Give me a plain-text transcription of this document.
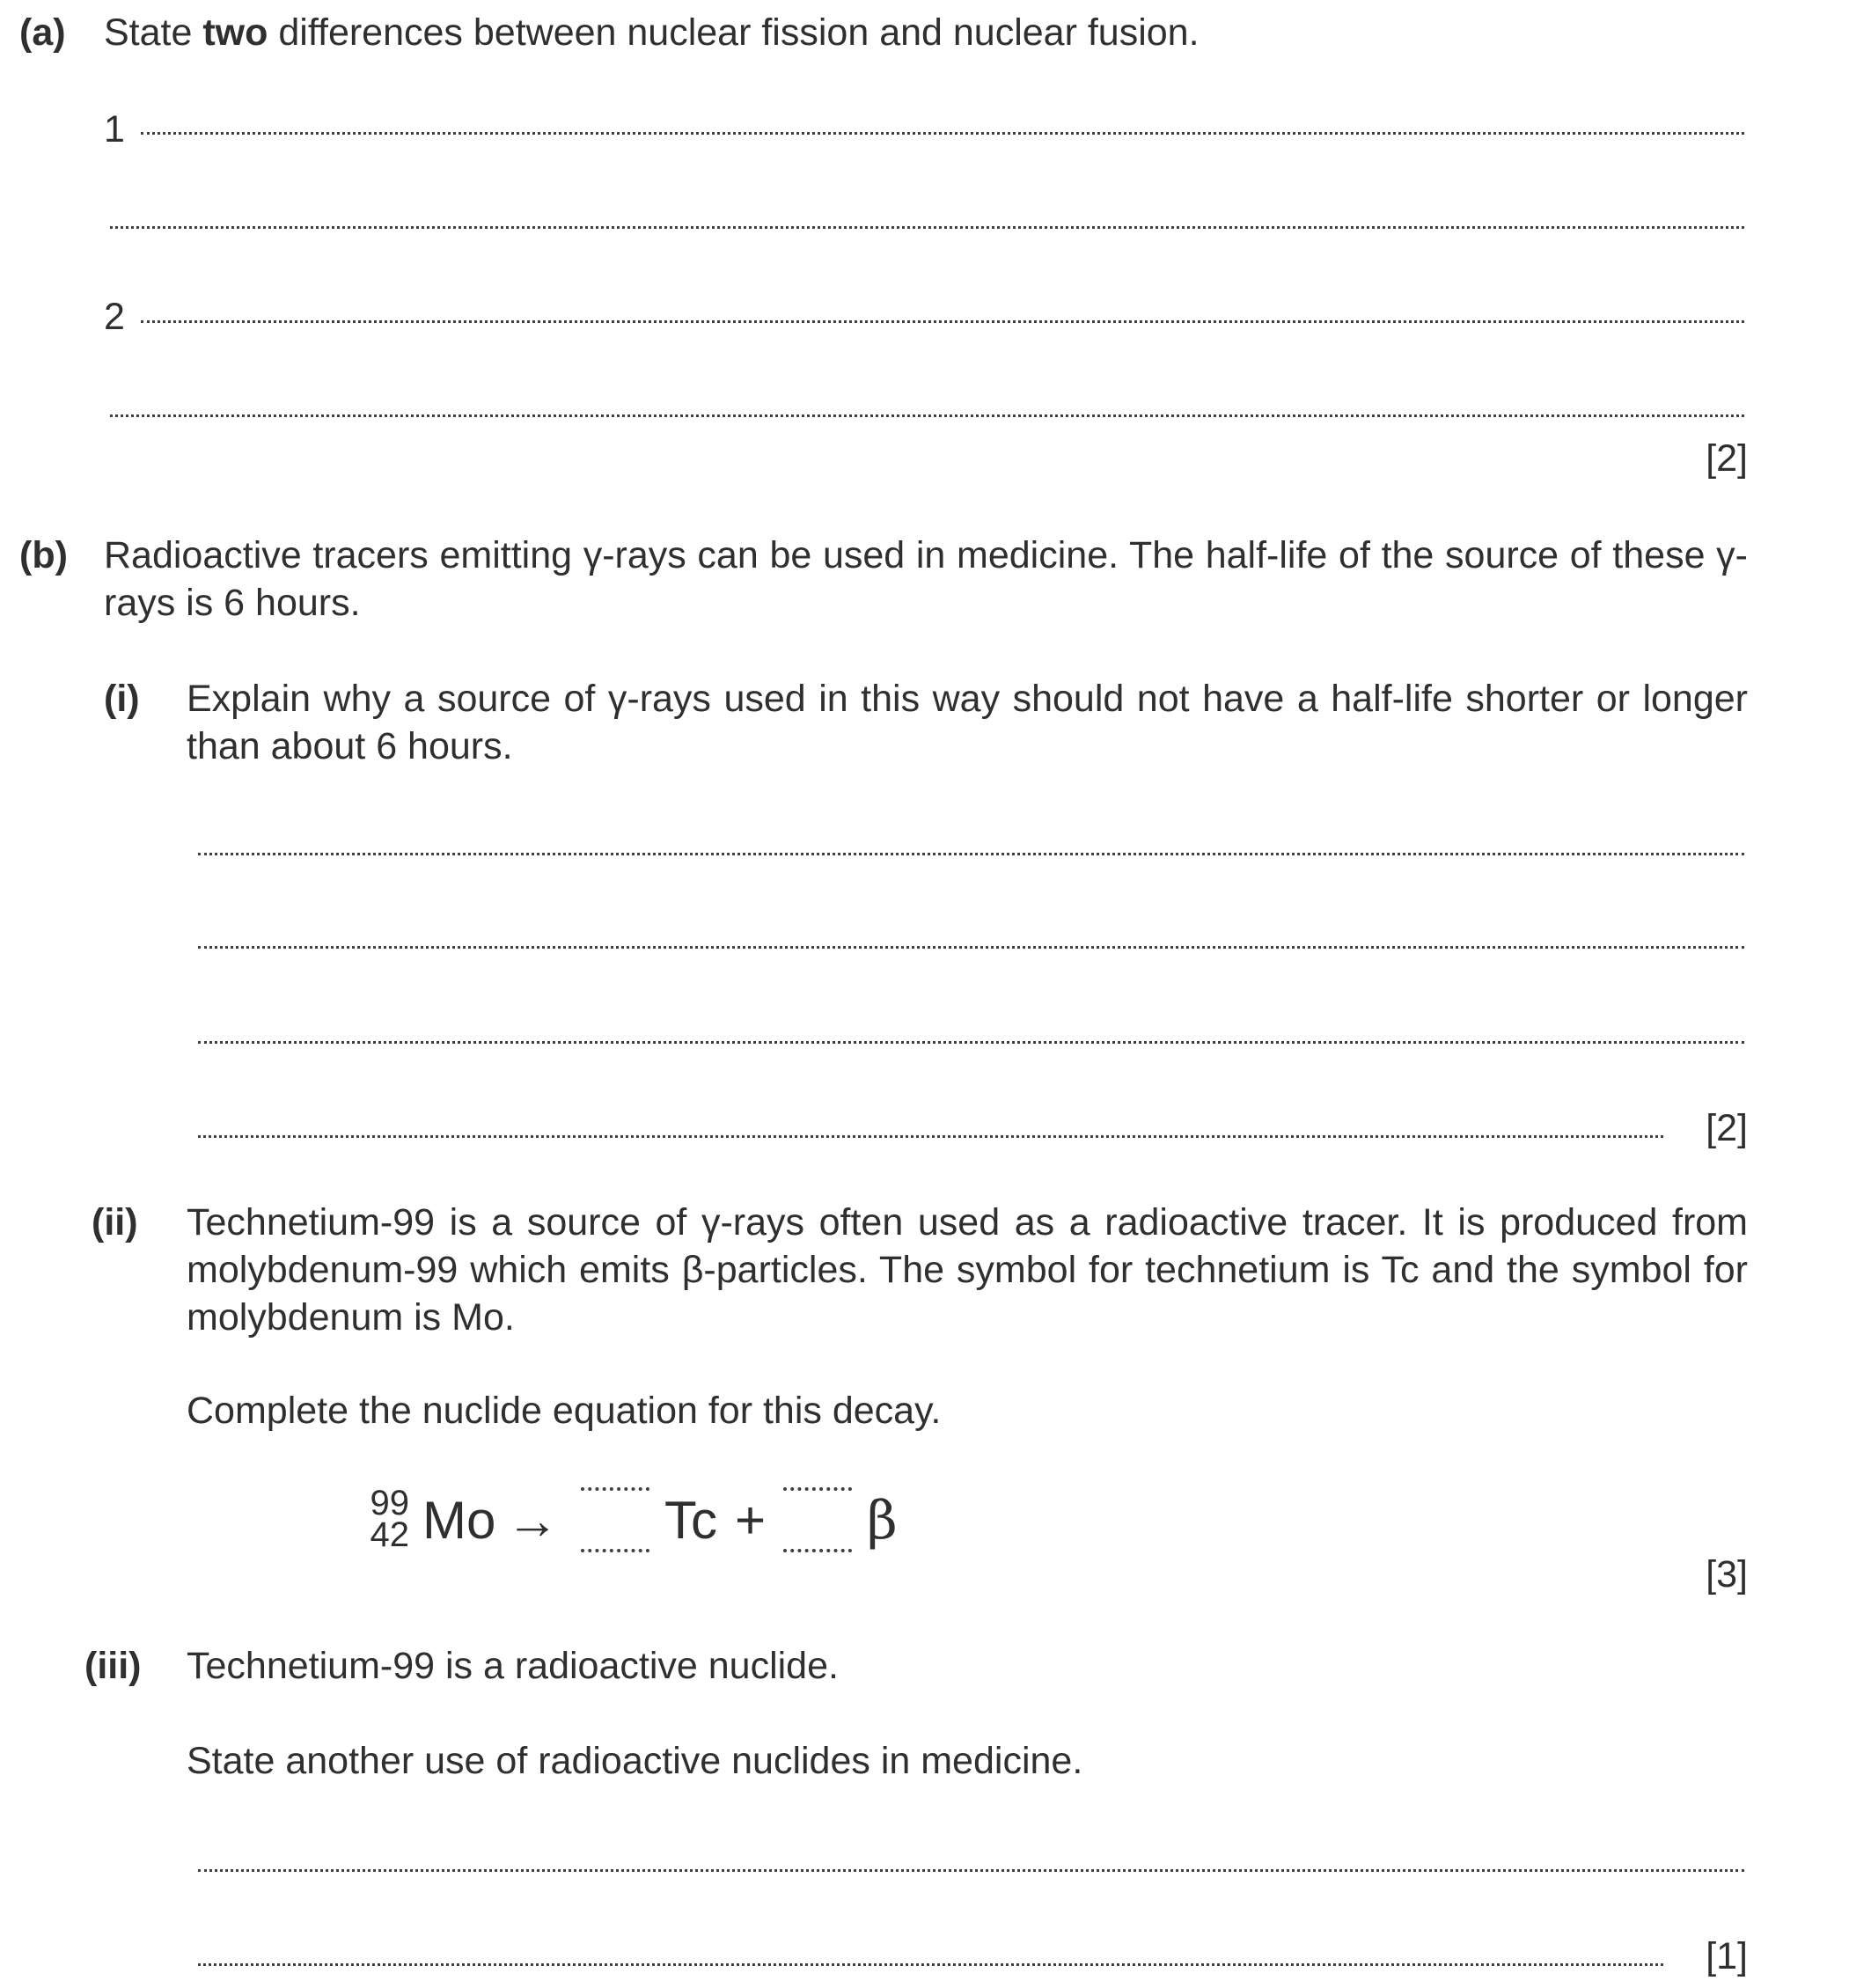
(a) State two differences between nuclear fission and nuclear fusion.
1
2
[2]
(b) Radioactive tracers emitting γ-rays can be used in medicine. The half-life of the source of these γ-rays is 6 hours.
(i) Explain why a source of γ-rays used in this way should not have a half-life shorter or longer than about 6 hours.
[2]
(ii) Technetium-99 is a source of γ-rays often used as a radioactive tracer. It is produced from molybdenum-99 which emits β-particles. The symbol for technetium is Tc and the symbol for molybdenum is Mo.
Complete the nuclide equation for this decay.
99
42 Mo → Tc + β
[3]
(iii) Technetium-99 is a radioactive nuclide.
State another use of radioactive nuclides in medicine.
[1]
